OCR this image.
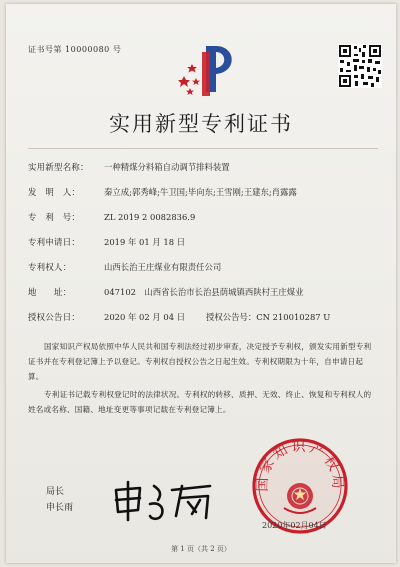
证书号第 10000080 号
实用新型专利证书
实用新型名称： 一种精煤分料箱自动调节排料装置
发　明　人：	秦立成;郭秀峰;牛卫国;毕向东;王雪刚;王建东;肖露露
专　利　号：	ZL 2019 2 0082836.9
专利申请日：	2019 年 01 月 18 日
专利权人：	山西长治王庄煤业有限责任公司
地　　址：	047102　山西省长治市长治县荫城镇西陕村王庄煤业
授权公告日：	2020 年 02 月 04 日 授权公告号：CN 210010287 U
国家知识产权局依照中华人民共和国专利法经过初步审查，决定授予专利权，颁发实用新型专利证书并在专利登记簿上予以登记。专利权自授权公告之日起生效。专利权期限为十年，自申请日起算。
专利证书记载专利权登记时的法律状况。专利权的转移、质押、无效、终止、恢复和专利权人的姓名或名称、国籍、地址变更等事项记载在专利登记簿上。
局长
申长雨
国家知识产权局
2020年02月04日
第 1 页（共 2 页）
